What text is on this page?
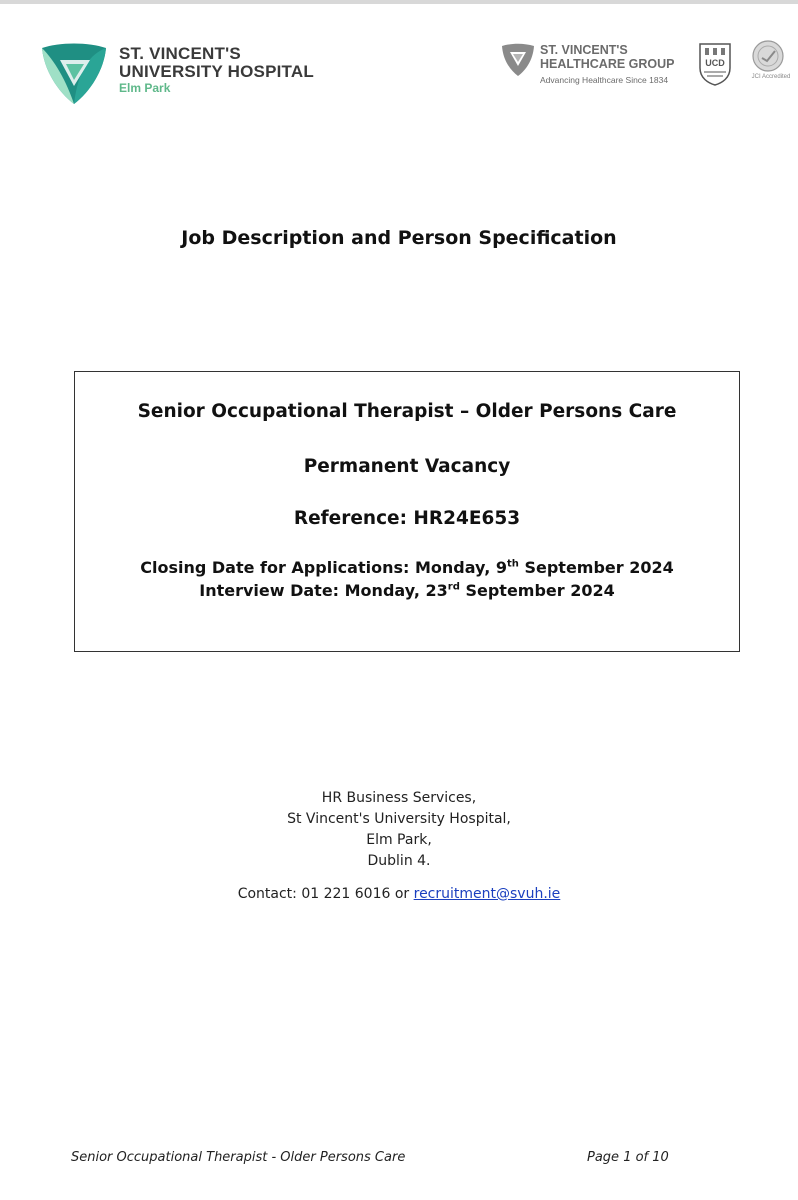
ST. VINCENT'S
UNIVERSITY HOSPITAL
Elm Park
ST. VINCENT'S
HEALTHCARE GROUP
Advancing Healthcare Since 1834
UCD
JCI Accredited
Job Description and Person Specification
Senior Occupational Therapist – Older Persons Care
Permanent Vacancy
Reference: HR24E653
Closing Date for Applications: Monday, 9th September 2024
Interview Date: Monday, 23rd September 2024
HR Business Services,
St Vincent's University Hospital,
Elm Park,
Dublin 4.
Contact: 01 221 6016 or recruitment@svuh.ie
Senior Occupational Therapist - Older Persons Care	Page 1 of 10
